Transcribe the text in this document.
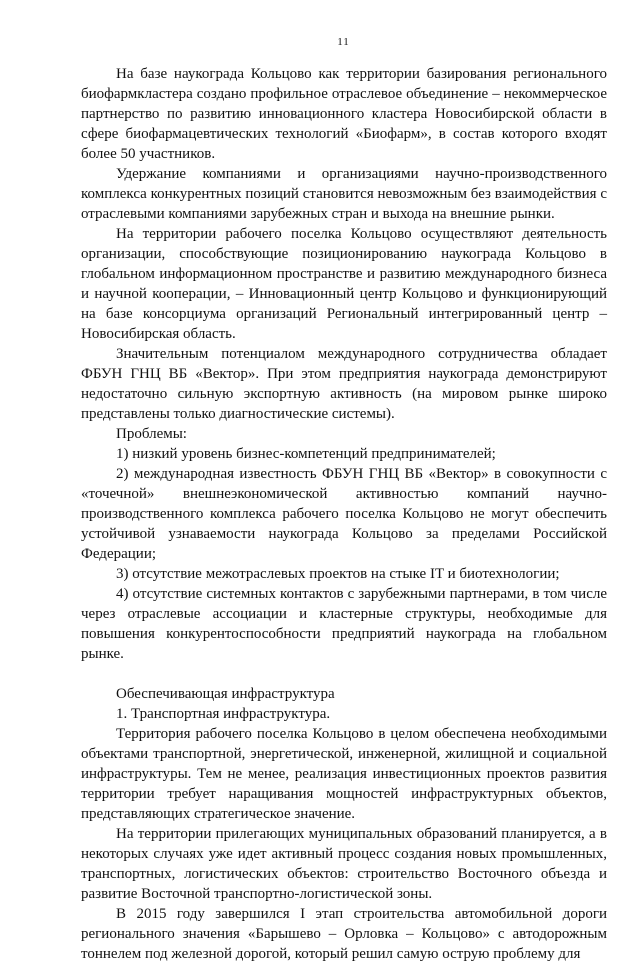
11

На базе наукограда Кольцово как территории базирования регионального биофармкластера создано профильное отраслевое объединение – некоммерческое партнерство по развитию инновационного кластера Новосибирской области в сфере биофармацевтических технологий «Биофарм», в состав которого входят более 50 участников.

Удержание компаниями и организациями научно-производственного комплекса конкурентных позиций становится невозможным без взаимодействия с отраслевыми компаниями зарубежных стран и выхода на внешние рынки.

На территории рабочего поселка Кольцово осуществляют деятельность организации, способствующие позиционированию наукограда Кольцово в глобальном информационном пространстве и развитию международного бизнеса и научной кооперации, – Инновационный центр Кольцово и функционирующий на базе консорциума организаций Региональный интегрированный центр – Новосибирская область.

Значительным потенциалом международного сотрудничества обладает ФБУН ГНЦ ВБ «Вектор». При этом предприятия наукограда демонстрируют недостаточно сильную экспортную активность (на мировом рынке широко представлены только диагностические системы).

Проблемы:

1) низкий уровень бизнес-компетенций предпринимателей;

2) международная известность ФБУН ГНЦ ВБ «Вектор» в совокупности с «точечной» внешнеэкономической активностью компаний научно-производственного комплекса рабочего поселка Кольцово не могут обеспечить устойчивой узнаваемости наукограда Кольцово за пределами Российской Федерации;

3) отсутствие межотраслевых проектов на стыке IT и биотехнологии;

4) отсутствие системных контактов с зарубежными партнерами, в том числе через отраслевые ассоциации и кластерные структуры, необходимые для повышения конкурентоспособности предприятий наукограда на глобальном рынке.

Обеспечивающая инфраструктура

1. Транспортная инфраструктура.

Территория рабочего поселка Кольцово в целом обеспечена необходимыми объектами транспортной, энергетической, инженерной, жилищной и социальной инфраструктуры. Тем не менее, реализация инвестиционных проектов развития территории требует наращивания мощностей инфраструктурных объектов, представляющих стратегическое значение.

На территории прилегающих муниципальных образований планируется, а в некоторых случаях уже идет активный процесс создания новых промышленных, транспортных, логистических объектов: строительство Восточного объезда и развитие Восточной транспортно-логистической зоны.

В 2015 году завершился I этап строительства автомобильной дороги регионального значения «Барышево – Орловка – Кольцово» с автодорожным тоннелем под железной дорогой, который решил самую острую проблему для
